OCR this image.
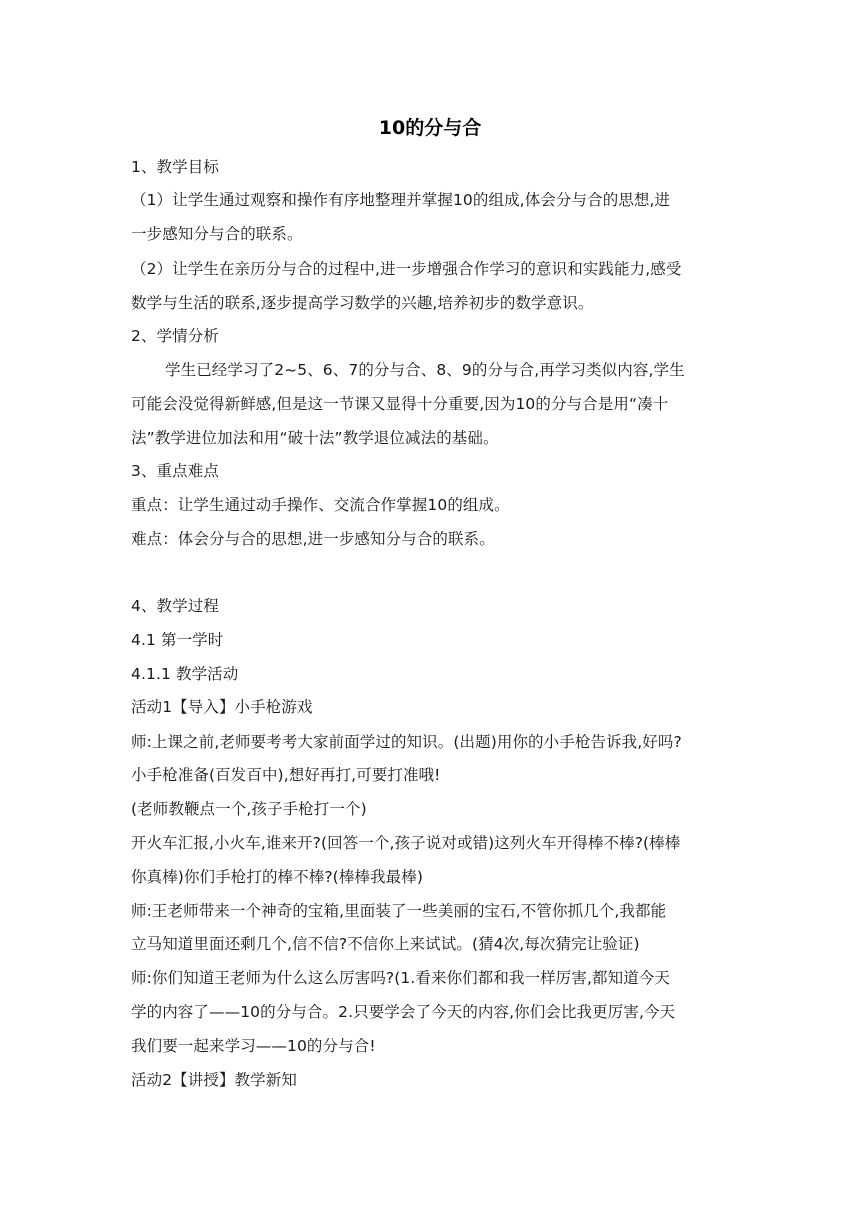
10的分与合
1、教学目标
（1）让学生通过观察和操作有序地整理并掌握10的组成,体会分与合的思想,进
一步感知分与合的联系。
（2）让学生在亲历分与合的过程中,进一步增强合作学习的意识和实践能力,感受
数学与生活的联系,逐步提高学习数学的兴趣,培养初步的数学意识。
2、学情分析
学生已经学习了2~5、6、7的分与合、8、9的分与合,再学习类似内容,学生
可能会没觉得新鲜感,但是这一节课又显得十分重要,因为10的分与合是用“凑十
法”教学进位加法和用“破十法”教学退位减法的基础。
3、重点难点
重点：让学生通过动手操作、交流合作掌握10的组成。
难点：体会分与合的思想,进一步感知分与合的联系。
4、教学过程
4.1 第一学时
4.1.1 教学活动
活动1【导入】小手枪游戏
师:上课之前,老师要考考大家前面学过的知识。(出题)用你的小手枪告诉我,好吗?
小手枪准备(百发百中),想好再打,可要打准哦!
(老师教鞭点一个,孩子手枪打一个)
开火车汇报,小火车,谁来开?(回答一个,孩子说对或错)这列火车开得棒不棒?(棒棒
你真棒)你们手枪打的棒不棒?(棒棒我最棒)
师:王老师带来一个神奇的宝箱,里面装了一些美丽的宝石,不管你抓几个,我都能
立马知道里面还剩几个,信不信?不信你上来试试。(猜4次,每次猜完让验证)
师:你们知道王老师为什么这么厉害吗?(1.看来你们都和我一样厉害,都知道今天
学的内容了——10的分与合。2.只要学会了今天的内容,你们会比我更厉害,今天
我们要一起来学习——10的分与合!
活动2【讲授】教学新知
